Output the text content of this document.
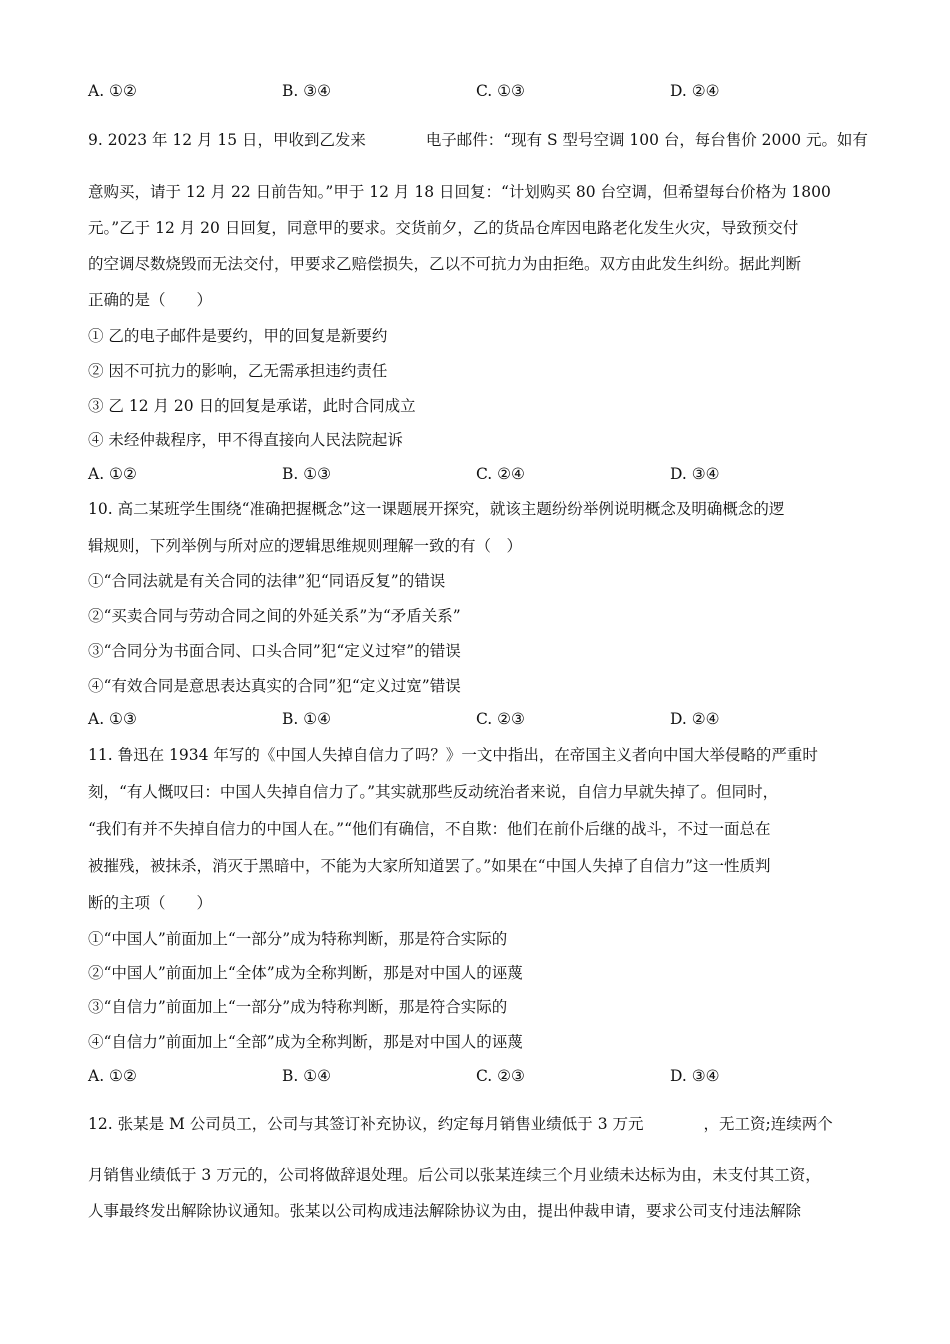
A. ①②	B. ③④	C. ①③	D. ②④
9. 2023 年 12 月 15 日，甲收到乙发来	电子邮件：“现有 S 型号空调 100 台，每台售价 2000 元。如有
意购买，请于 12 月 22 日前告知。”甲于 12 月 18 日回复：“计划购买 80 台空调，但希望每台价格为 1800
元。”乙于 12 月 20 日回复，同意甲的要求。交货前夕，乙的货品仓库因电路老化发生火灾，导致预交付
的空调尽数烧毁而无法交付，甲要求乙赔偿损失，乙以不可抗力为由拒绝。双方由此发生纠纷。据此判断
正确的是（　　）
① 乙的电子邮件是要约，甲的回复是新要约
② 因不可抗力的影响，乙无需承担违约责任
③ 乙 12 月 20 日的回复是承诺，此时合同成立
④ 未经仲裁程序，甲不得直接向人民法院起诉
A. ①②	B. ①③	C. ②④	D. ③④
10. 高二某班学生围绕“准确把握概念”这一课题展开探究，就该主题纷纷举例说明概念及明确概念的逻
辑规则，下列举例与所对应的逻辑思维规则理解一致的有（　）
①“合同法就是有关合同的法律”犯“同语反复”的错误
②“买卖合同与劳动合同之间的外延关系”为“矛盾关系”
③“合同分为书面合同、口头合同”犯“定义过窄”的错误
④“有效合同是意思表达真实的合同”犯“定义过宽”错误
A. ①③	B. ①④	C. ②③	D. ②④
11. 鲁迅在 1934 年写的《中国人失掉自信力了吗？》一文中指出，在帝国主义者向中国大举侵略的严重时
刻，“有人慨叹曰：中国人失掉自信力了。”其实就那些反动统治者来说，自信力早就失掉了。但同时，
“我们有并不失掉自信力的中国人在。”“他们有确信，不自欺：他们在前仆后继的战斗，不过一面总在
被摧残，被抹杀，消灭于黑暗中，不能为大家所知道罢了。”如果在“中国人失掉了自信力”这一性质判
断的主项（　　）
①“中国人”前面加上“一部分”成为特称判断，那是符合实际的
②“中国人”前面加上“全体”成为全称判断，那是对中国人的诬蔑
③“自信力”前面加上“一部分”成为特称判断，那是符合实际的
④“自信力”前面加上“全部”成为全称判断，那是对中国人的诬蔑
A. ①②	B. ①④	C. ②③	D. ③④
12. 张某是 M 公司员工，公司与其签订补充协议，约定每月销售业绩低于 3 万元	，无工资;连续两个
月销售业绩低于 3 万元的，公司将做辞退处理。后公司以张某连续三个月业绩未达标为由，未支付其工资，
人事最终发出解除协议通知。张某以公司构成违法解除协议为由，提出仲裁申请，要求公司支付违法解除
